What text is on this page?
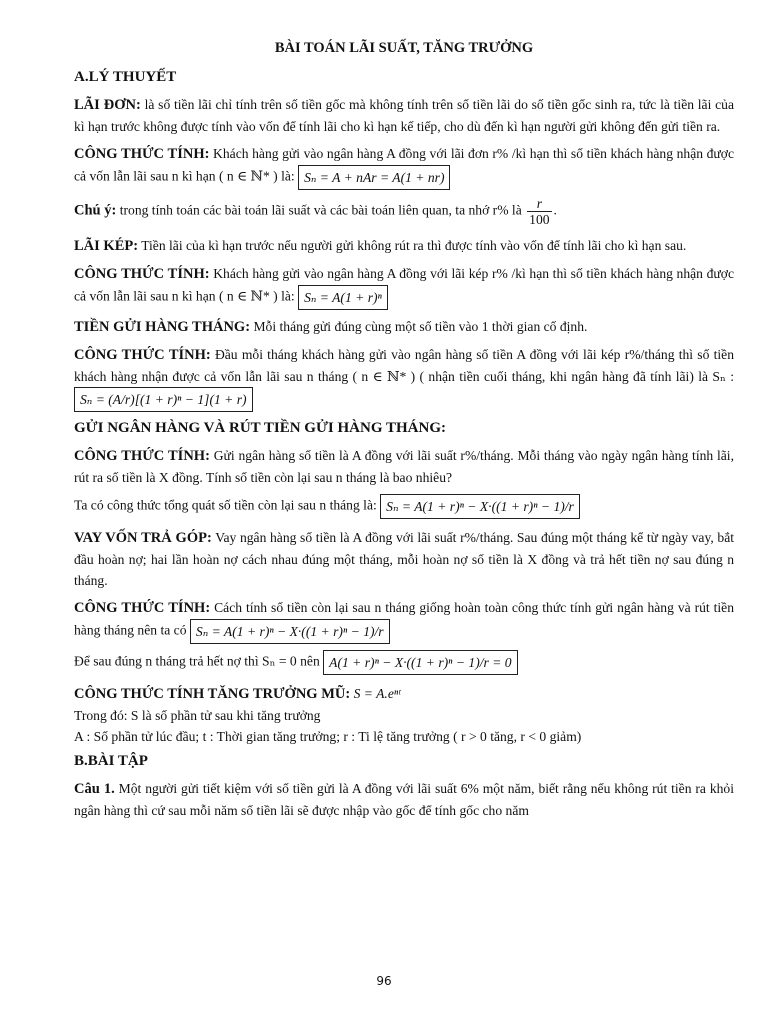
BÀI TOÁN LÃI SUẤT, TĂNG TRƯỞNG
A.LÝ THUYẾT

LÃI ĐƠN: là số tiền lãi chỉ tính trên số tiền gốc mà không tính trên số tiền lãi do số tiền gốc sinh ra, tức là tiền lãi của kì hạn trước không được tính vào vốn để tính lãi cho kì hạn kế tiếp, cho dù đến kì hạn người gửi không đến gửi tiền ra.

CÔNG THỨC TÍNH: Khách hàng gửi vào ngân hàng A đồng với lãi đơn r% /kì hạn thì số tiền khách hàng nhận được cả vốn lẫn lãi sau n kì hạn ( n ∈ ℕ* ) là: Sₙ = A + nAr = A(1 + nr)

Chú ý: trong tính toán các bài toán lãi suất và các bài toán liên quan, ta nhớ r% là $\frac{r}{100}$ .

LÃI KÉP: Tiền lãi của kì hạn trước nếu người gửi không rút ra thì được tính vào vốn để tính lãi cho kì hạn sau.

CÔNG THỨC TÍNH: Khách hàng gửi vào ngân hàng A đồng với lãi kép r% /kì hạn thì số tiền khách hàng nhận được cả vốn lẫn lãi sau n kì hạn ( n ∈ ℕ* ) là: Sₙ = A(1 + r)ⁿ

TIỀN GỬI HÀNG THÁNG: Mỗi tháng gửi đúng cùng một số tiền vào 1 thời gian cố định.

CÔNG THỨC TÍNH: Đầu mỗi tháng khách hàng gửi vào ngân hàng số tiền A đồng với lãi kép r%/tháng thì số tiền khách hàng nhận được cả vốn lẫn lãi sau n tháng ( n ∈ ℕ* ) ( nhận tiền cuối tháng, khi ngân hàng đã tính lãi) là Sₙ : Sₙ = (A/r)[(1 + r)ⁿ − 1](1 + r)

GỬI NGÂN HÀNG VÀ RÚT TIỀN GỬI HÀNG THÁNG:

CÔNG THỨC TÍNH: Gửi ngân hàng số tiền là A đồng với lãi suất r%/tháng. Mỗi tháng vào ngày ngân hàng tính lãi, rút ra số tiền là X đồng. Tính số tiền còn lại sau n tháng là bao nhiêu?

Ta có công thức tổng quát số tiền còn lại sau n tháng là: Sₙ = A(1 + r)ⁿ − X·((1 + r)ⁿ − 1)/r

VAY VỐN TRẢ GÓP: Vay ngân hàng số tiền là A đồng với lãi suất r%/tháng. Sau đúng một tháng kể từ ngày vay, bắt đầu hoàn nợ; hai lần hoàn nợ cách nhau đúng một tháng, mỗi hoàn nợ số tiền là X đồng và trả hết tiền nợ sau đúng n tháng.

CÔNG THỨC TÍNH: Cách tính số tiền còn lại sau n tháng giống hoàn toàn công thức tính gửi ngân hàng và rút tiền hàng tháng nên ta có Sₙ = A(1 + r)ⁿ − X·((1 + r)ⁿ − 1)/r

Để sau đúng n tháng trả hết nợ thì Sₙ = 0 nên A(1 + r)ⁿ − X·((1 + r)ⁿ − 1)/r = 0

CÔNG THỨC TÍNH TĂNG TRƯỞNG MŨ: S = A.eⁿᵗ

Trong đó: S là số phần tử sau khi tăng trưởng
A : Số phần tử lúc đầu; t : Thời gian tăng trưởng; r : Ti lệ tăng trưởng ( r > 0 tăng, r < 0 giảm)
B.BÀI TẬP

Câu 1. Một người gửi tiết kiệm với số tiền gửi là A đồng với lãi suất 6% một năm, biết rằng nếu không rút tiền ra khỏi ngân hàng thì cứ sau mỗi năm số tiền lãi sẽ được nhập vào gốc để tính gốc cho năm

96
